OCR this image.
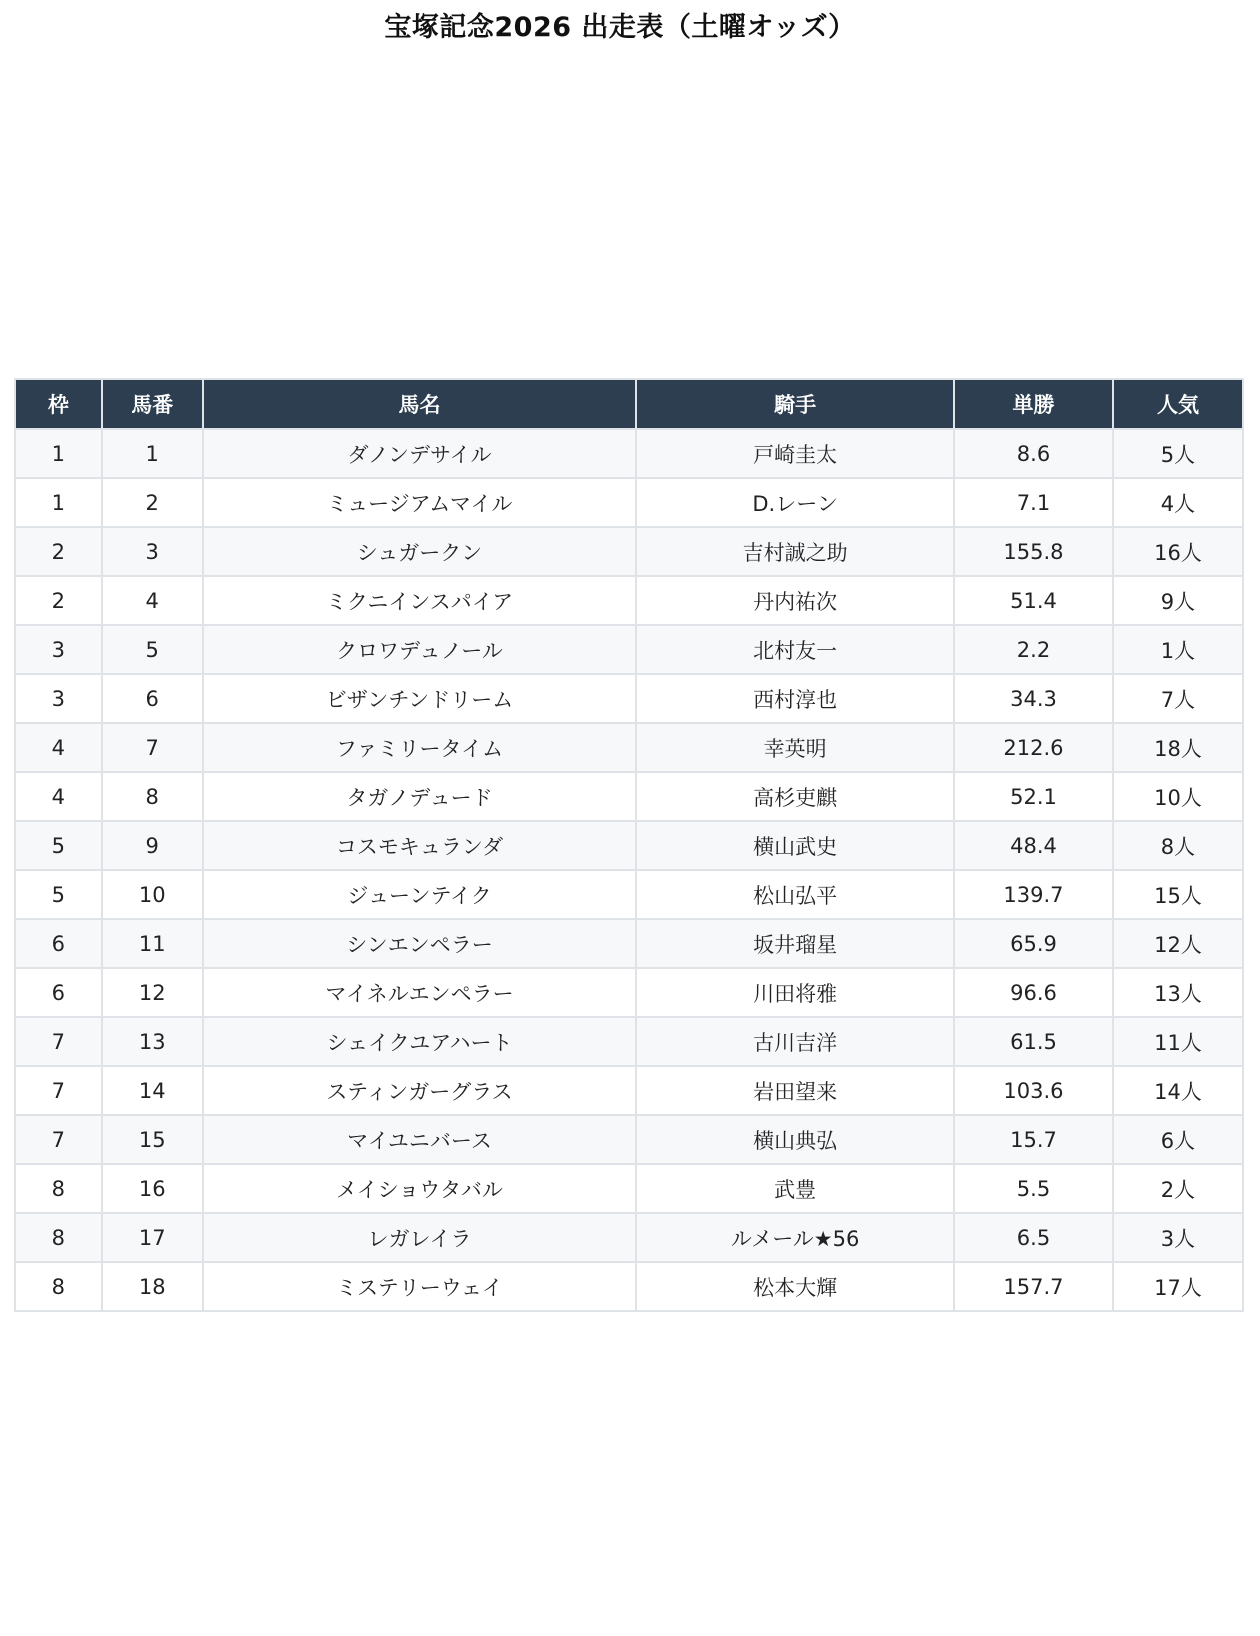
宝塚記念2026 出走表（土曜オッズ）
枠	馬番	馬名	騎手	単勝	人気
1	1	ダノンデサイル	戸崎圭太	8.6	5人
1	2	ミュージアムマイル	D.レーン	7.1	4人
2	3	シュガークン	吉村誠之助	155.8	16人
2	4	ミクニインスパイア	丹内祐次	51.4	9人
3	5	クロワデュノール	北村友一	2.2	1人
3	6	ビザンチンドリーム	西村淳也	34.3	7人
4	7	ファミリータイム	幸英明	212.6	18人
4	8	タガノデュード	高杉吏麒	52.1	10人
5	9	コスモキュランダ	横山武史	48.4	8人
5	10	ジューンテイク	松山弘平	139.7	15人
6	11	シンエンペラー	坂井瑠星	65.9	12人
6	12	マイネルエンペラー	川田将雅	96.6	13人
7	13	シェイクユアハート	古川吉洋	61.5	11人
7	14	スティンガーグラス	岩田望来	103.6	14人
7	15	マイユニバース	横山典弘	15.7	6人
8	16	メイショウタバル	武豊	5.5	2人
8	17	レガレイラ	ルメール★56	6.5	3人
8	18	ミステリーウェイ	松本大輝	157.7	17人
